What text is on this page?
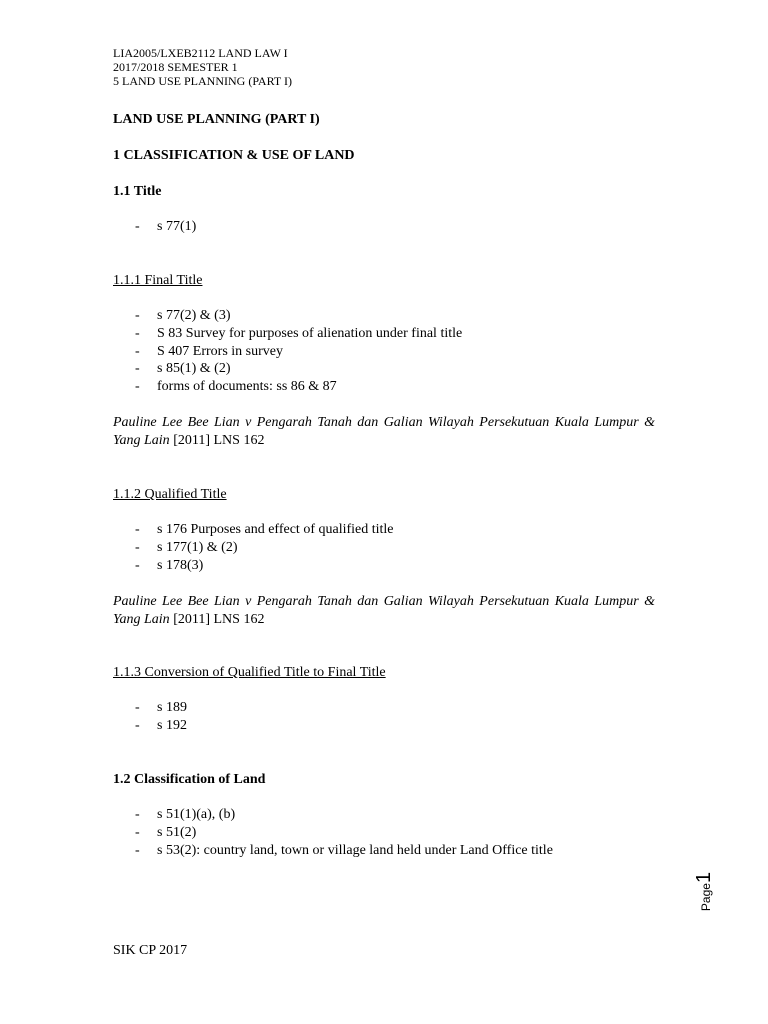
LIA2005/LXEB2112 LAND LAW I
2017/2018 SEMESTER 1
5 LAND USE PLANNING (PART I)
LAND USE PLANNING (PART I)
1 CLASSIFICATION & USE OF LAND
1.1 Title
-	s 77(1)
1.1.1 Final Title
-	s 77(2) & (3)
-	S 83 Survey for purposes of alienation under final title
-	S 407 Errors in survey
-	s 85(1) & (2)
-	forms of documents: ss 86 & 87
Pauline Lee Bee Lian v Pengarah Tanah dan Galian Wilayah Persekutuan Kuala Lumpur & Yang Lain [2011] LNS 162
1.1.2 Qualified Title
-	s 176 Purposes and effect of qualified title
-	s 177(1) & (2)
-	s 178(3)
Pauline Lee Bee Lian v Pengarah Tanah dan Galian Wilayah Persekutuan Kuala Lumpur & Yang Lain [2011] LNS 162
1.1.3 Conversion of Qualified Title to Final Title
-	s 189
-	s 192
1.2 Classification of Land
-	s 51(1)(a), (b)
-	s 51(2)
-	s 53(2): country land, town or village land held under Land Office title
Page1
SIK CP 2017
